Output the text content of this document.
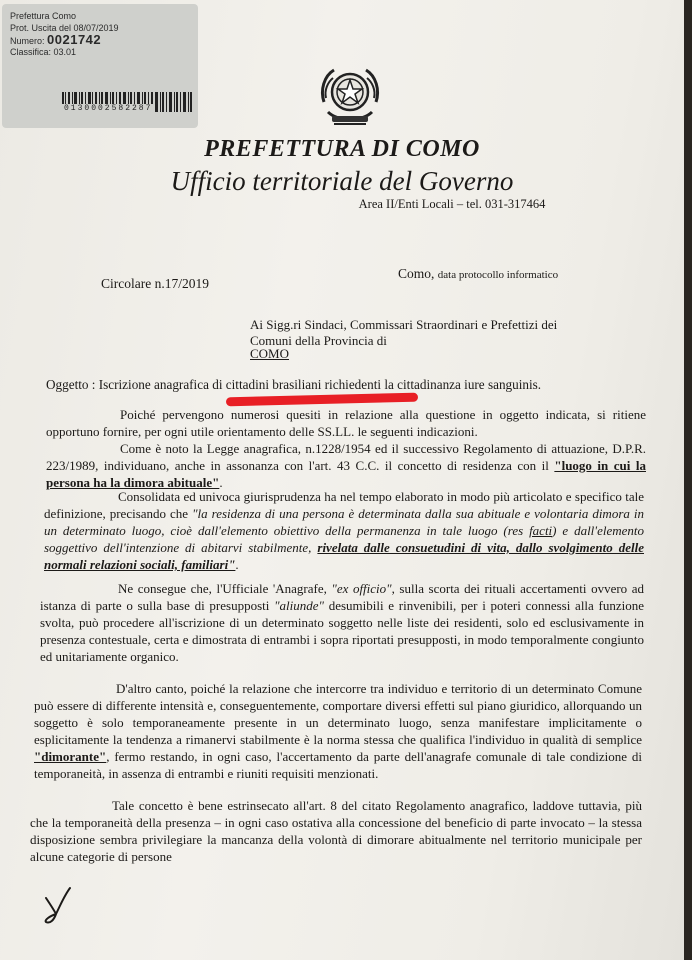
Prefettura Como
Prot. Uscita del 08/07/2019
Numero: 0021742
Classifica: 03.01
0130002582287
PREFETTURA DI COMO
Ufficio territoriale del Governo
Area II/Enti Locali – tel. 031-317464
Circolare n.17/2019
Como, data protocollo informatico
Ai Sigg.ri Sindaci, Commissari Straordinari e Prefettizi dei
Comuni della Provincia di
COMO
Oggetto : Iscrizione anagrafica di cittadini brasiliani richiedenti la cittadinanza iure sanguinis.

Poiché pervengono numerosi quesiti in relazione alla questione in oggetto indicata, si ritiene opportuno fornire, per ogni utile orientamento delle SS.LL. le seguenti indicazioni.

Come è noto la Legge anagrafica, n.1228/1954 ed il successivo Regolamento di attuazione, D.P.R. 223/1989, individuano, anche in assonanza con l'art. 43 C.C. il concetto di residenza con il "luogo in cui la persona ha la dimora abituale".

Consolidata ed univoca giurisprudenza ha nel tempo elaborato in modo più articolato e specifico tale definizione, precisando che "la residenza di una persona è determinata dalla sua abituale e volontaria dimora in un determinato luogo, cioè dall'elemento obiettivo della permanenza in tale luogo (res facti) e dall'elemento soggettivo dell'intenzione di abitarvi stabilmente, rivelata dalle consuetudini di vita, dallo svolgimento delle normali relazioni sociali, familiari".

Ne consegue che, l'Ufficiale 'Anagrafe, "ex officio", sulla scorta dei rituali accertamenti ovvero ad istanza di parte o sulla base di presupposti "aliunde" desumibili e rinvenibili, per i poteri connessi alla funzione svolta, può procedere all'iscrizione di un determinato soggetto nelle liste dei residenti, solo ed esclusivamente in presenza contestuale, certa e dimostrata di entrambi i sopra riportati presupposti, in modo temporalmente congiunto ed unitariamente organico.

D'altro canto, poiché la relazione che intercorre tra individuo e territorio di un determinato Comune può essere di differente intensità e, conseguentemente, comportare diversi effetti sul piano giuridico, allorquando un soggetto è solo temporaneamente presente in un determinato luogo, senza manifestare implicitamente o esplicitamente la tendenza a rimanervi stabilmente è la norma stessa che qualifica l'individuo in qualità di semplice "dimorante", fermo restando, in ogni caso, l'accertamento da parte dell'anagrafe comunale di tale condizione di temporaneità, in assenza di entrambi e riuniti requisiti menzionati.

Tale concetto è bene estrinsecato all'art. 8 del citato Regolamento anagrafico, laddove tuttavia, più che la temporaneità della presenza – in ogni caso ostativa alla concessione del beneficio di parte invocato – la stessa disposizione sembra privilegiare la mancanza della volontà di dimorare abitualmente nel territorio municipale per alcune categorie di persone
